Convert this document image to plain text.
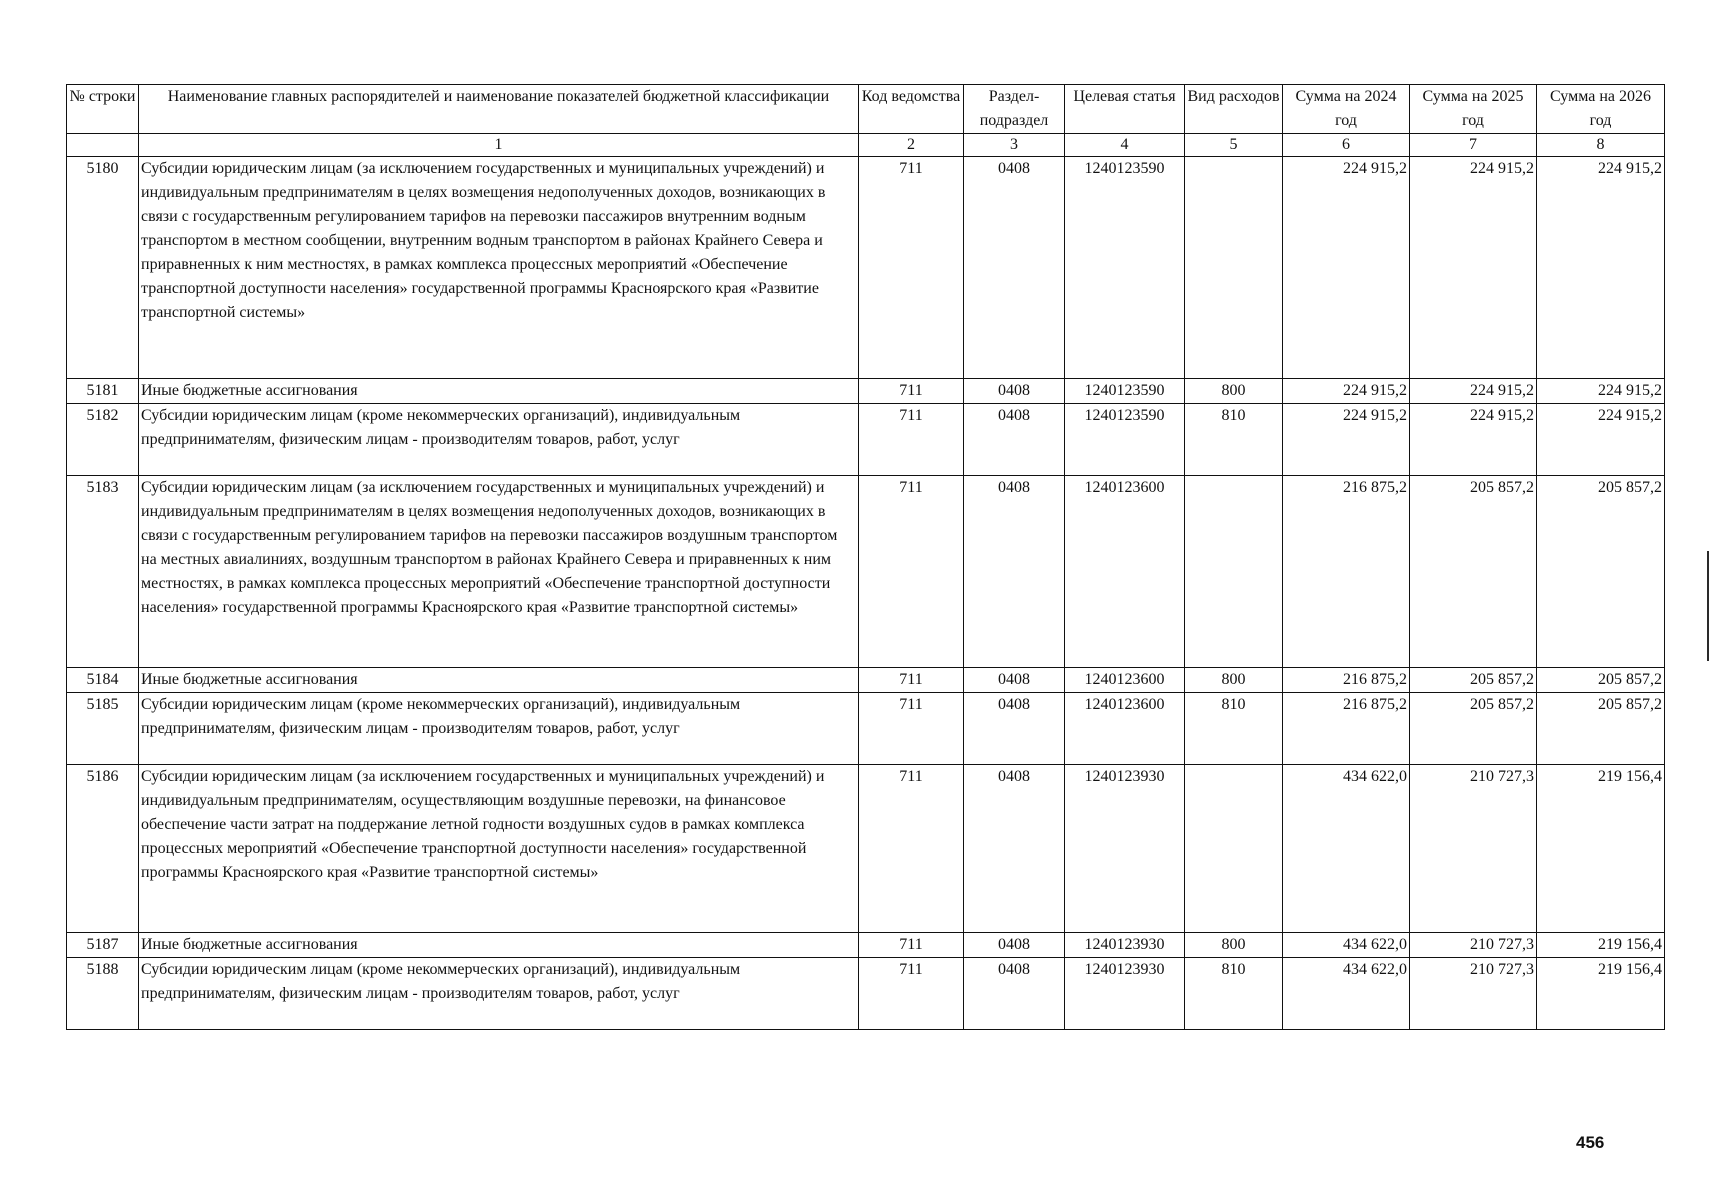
№ строки	Наименование главных распорядителей и наименование показателей бюджетной классификации	Код ведомства	Раздел-подраздел	Целевая статья	Вид расходов	Сумма на 2024 год	Сумма на 2025 год	Сумма на 2026 год
	1	2	3	4	5	6	7	8
5180	Субсидии юридическим лицам (за исключением государственных и муниципальных учреждений) и индивидуальным предпринимателям в целях возмещения недополученных доходов, возникающих в связи с государственным регулированием тарифов на перевозки пассажиров внутренним водным транспортом в местном сообщении, внутренним водным транспортом в районах Крайнего Севера и приравненных к ним местностях, в рамках комплекса процессных мероприятий «Обеспечение транспортной доступности населения» государственной программы Красноярского края «Развитие транспортной системы»	711	0408	1240123590		224 915,2	224 915,2	224 915,2
5181	Иные бюджетные ассигнования	711	0408	1240123590	800	224 915,2	224 915,2	224 915,2
5182	Субсидии юридическим лицам (кроме некоммерческих организаций), индивидуальным предпринимателям, физическим лицам - производителям товаров, работ, услуг	711	0408	1240123590	810	224 915,2	224 915,2	224 915,2
5183	Субсидии юридическим лицам (за исключением государственных и муниципальных учреждений) и индивидуальным предпринимателям в целях возмещения недополученных доходов, возникающих в связи с государственным регулированием тарифов на перевозки пассажиров воздушным транспортом на местных авиалиниях, воздушным транспортом в районах Крайнего Севера и приравненных к ним местностях, в рамках комплекса процессных мероприятий «Обеспечение транспортной доступности населения» государственной программы Красноярского края «Развитие транспортной системы»	711	0408	1240123600		216 875,2	205 857,2	205 857,2
5184	Иные бюджетные ассигнования	711	0408	1240123600	800	216 875,2	205 857,2	205 857,2
5185	Субсидии юридическим лицам (кроме некоммерческих организаций), индивидуальным предпринимателям, физическим лицам - производителям товаров, работ, услуг	711	0408	1240123600	810	216 875,2	205 857,2	205 857,2
5186	Субсидии юридическим лицам (за исключением государственных и муниципальных учреждений) и индивидуальным предпринимателям, осуществляющим воздушные перевозки, на финансовое обеспечение части затрат на поддержание летной годности воздушных судов в рамках комплекса процессных мероприятий «Обеспечение транспортной доступности населения» государственной программы Красноярского края «Развитие транспортной системы»	711	0408	1240123930		434 622,0	210 727,3	219 156,4
5187	Иные бюджетные ассигнования	711	0408	1240123930	800	434 622,0	210 727,3	219 156,4
5188	Субсидии юридическим лицам (кроме некоммерческих организаций), индивидуальным предпринимателям, физическим лицам - производителям товаров, работ, услуг	711	0408	1240123930	810	434 622,0	210 727,3	219 156,4
456
